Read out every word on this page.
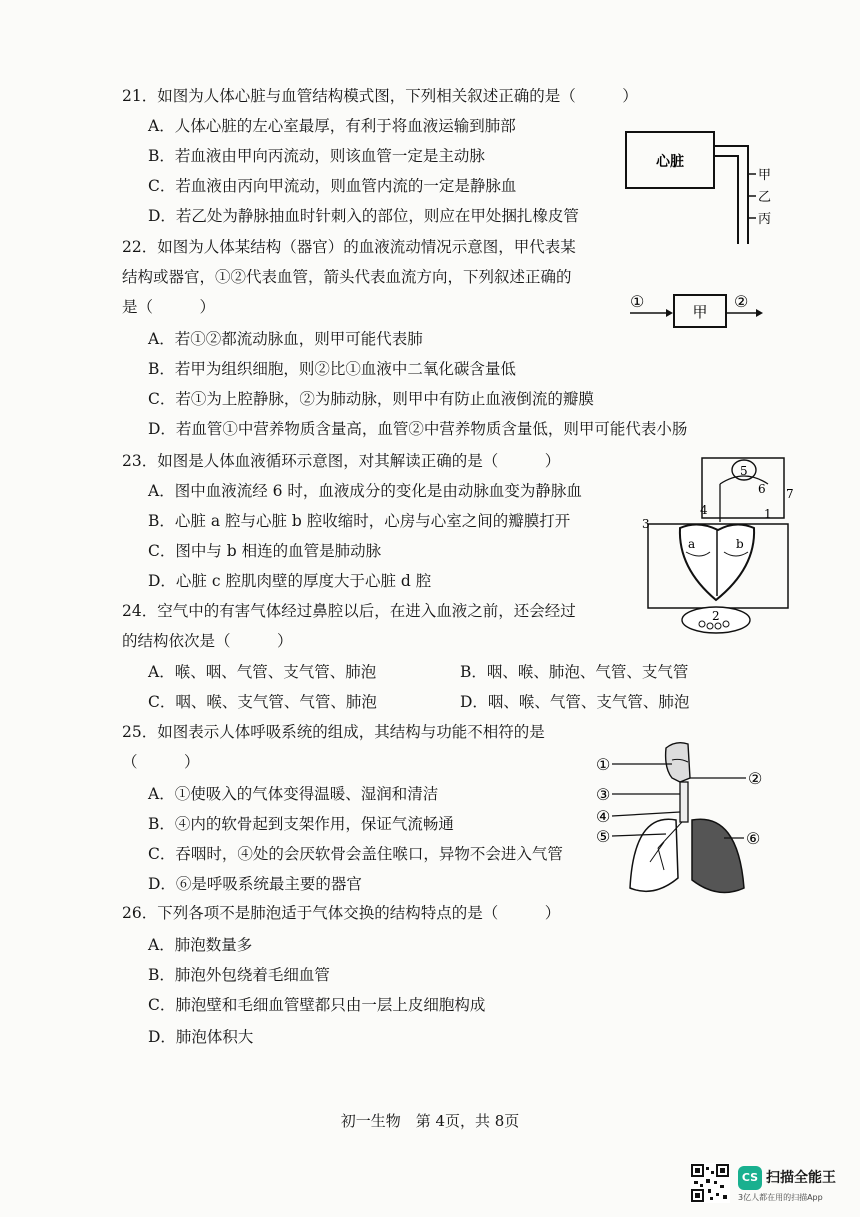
21．如图为人体心脏与血管结构模式图，下列相关叙述正确的是（　　　）
A．人体心脏的左心室最厚，有利于将血液运输到肺部
B．若血液由甲向丙流动，则该血管一定是主动脉
C．若血液由丙向甲流动，则血管内流的一定是静脉血
D．若乙处为静脉抽血时针刺入的部位，则应在甲处捆扎橡皮管
心脏
甲
乙
丙
22．如图为人体某结构（器官）的血液流动情况示意图，甲代表某
结构或器官，①②代表血管，箭头代表血流方向，下列叙述正确的
是（　　　）
A．若①②都流动脉血，则甲可能代表肺
B．若甲为组织细胞，则②比①血液中二氧化碳含量低
C．若①为上腔静脉，②为肺动脉，则甲中有防止血液倒流的瓣膜
D．若血管①中营养物质含量高，血管②中营养物质含量低，则甲可能代表小肠
①
甲
②
23．如图是人体血液循环示意图，对其解读正确的是（　　　）
A．图中血液流经 6 时，血液成分的变化是由动脉血变为静脉血
B．心脏 a 腔与心脏 b 腔收缩时，心房与心室之间的瓣膜打开
C．图中与 b 相连的血管是肺动脉
D．心脏 c 腔肌肉壁的厚度大于心脏 d 腔
5
6 7
4	1
3
a	b
2
24．空气中的有害气体经过鼻腔以后，在进入血液之前，还会经过
的结构依次是（　　　）
A．喉、咽、气管、支气管、肺泡	B．咽、喉、肺泡、气管、支气管
C．咽、喉、支气管、气管、肺泡	D．咽、喉、气管、支气管、肺泡
25．如图表示人体呼吸系统的组成，其结构与功能不相符的是
（　　　）
A．①使吸入的气体变得温暖、湿润和清洁
B．④内的软骨起到支架作用，保证气流畅通
C．吞咽时，④处的会厌软骨会盖住喉口，异物不会进入气管
D．⑥是呼吸系统最主要的器官
①
②
③
④
⑤	⑥
26．下列各项不是肺泡适于气体交换的结构特点的是（　　　）
A．肺泡数量多
B．肺泡外包绕着毛细血管
C．肺泡壁和毛细血管壁都只由一层上皮细胞构成
D．肺泡体积大
初一生物　第 4页，共 8页
CS 扫描全能王
3亿人都在用的扫描App
